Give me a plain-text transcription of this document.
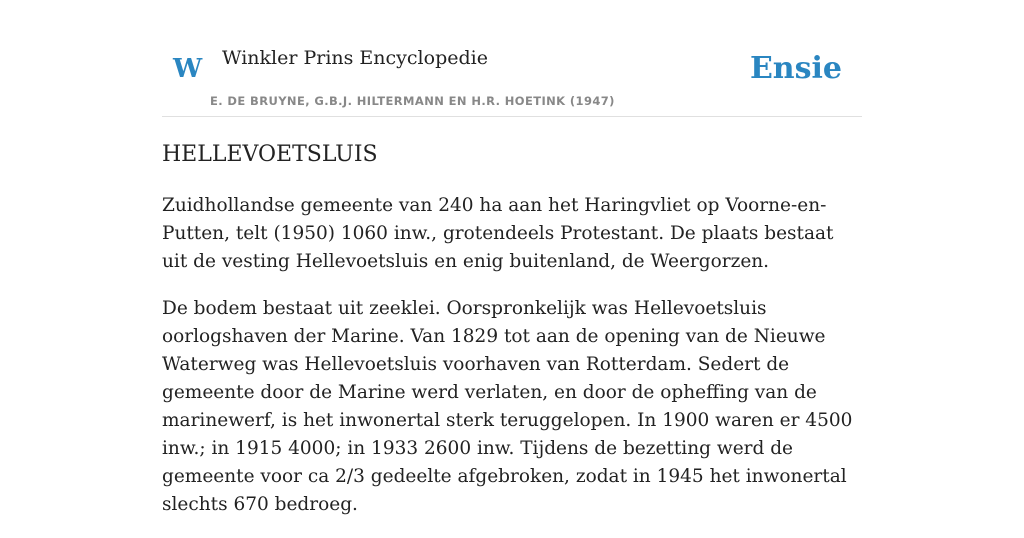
W Winkler Prins Encyclopedie
E. DE BRUYNE, G.B.J. HILTERMANN EN H.R. HOETINK (1947)
Ensie
HELLEVOETSLUIS

Zuidhollandse gemeente van 240 ha aan het Haringvliet op Voorne-en-Putten, telt (1950) 1060 inw., grotendeels Protestant. De plaats bestaat uit de vesting Hellevoetsluis en enig buitenland, de Weergorzen.

De bodem bestaat uit zeeklei. Oorspronkelijk was Hellevoetsluis oorlogshaven der Marine. Van 1829 tot aan de opening van de Nieuwe Waterweg was Hellevoetsluis voorhaven van Rotterdam. Sedert de gemeente door de Marine werd verlaten, en door de opheffing van de marinewerf, is het inwonertal sterk teruggelopen. In 1900 waren er 4500 inw.; in 1915 4000; in 1933 2600 inw. Tijdens de bezetting werd de gemeente voor ca 2/3 gedeelte afgebroken, zodat in 1945 het inwonertal slechts 670 bedroeg.
